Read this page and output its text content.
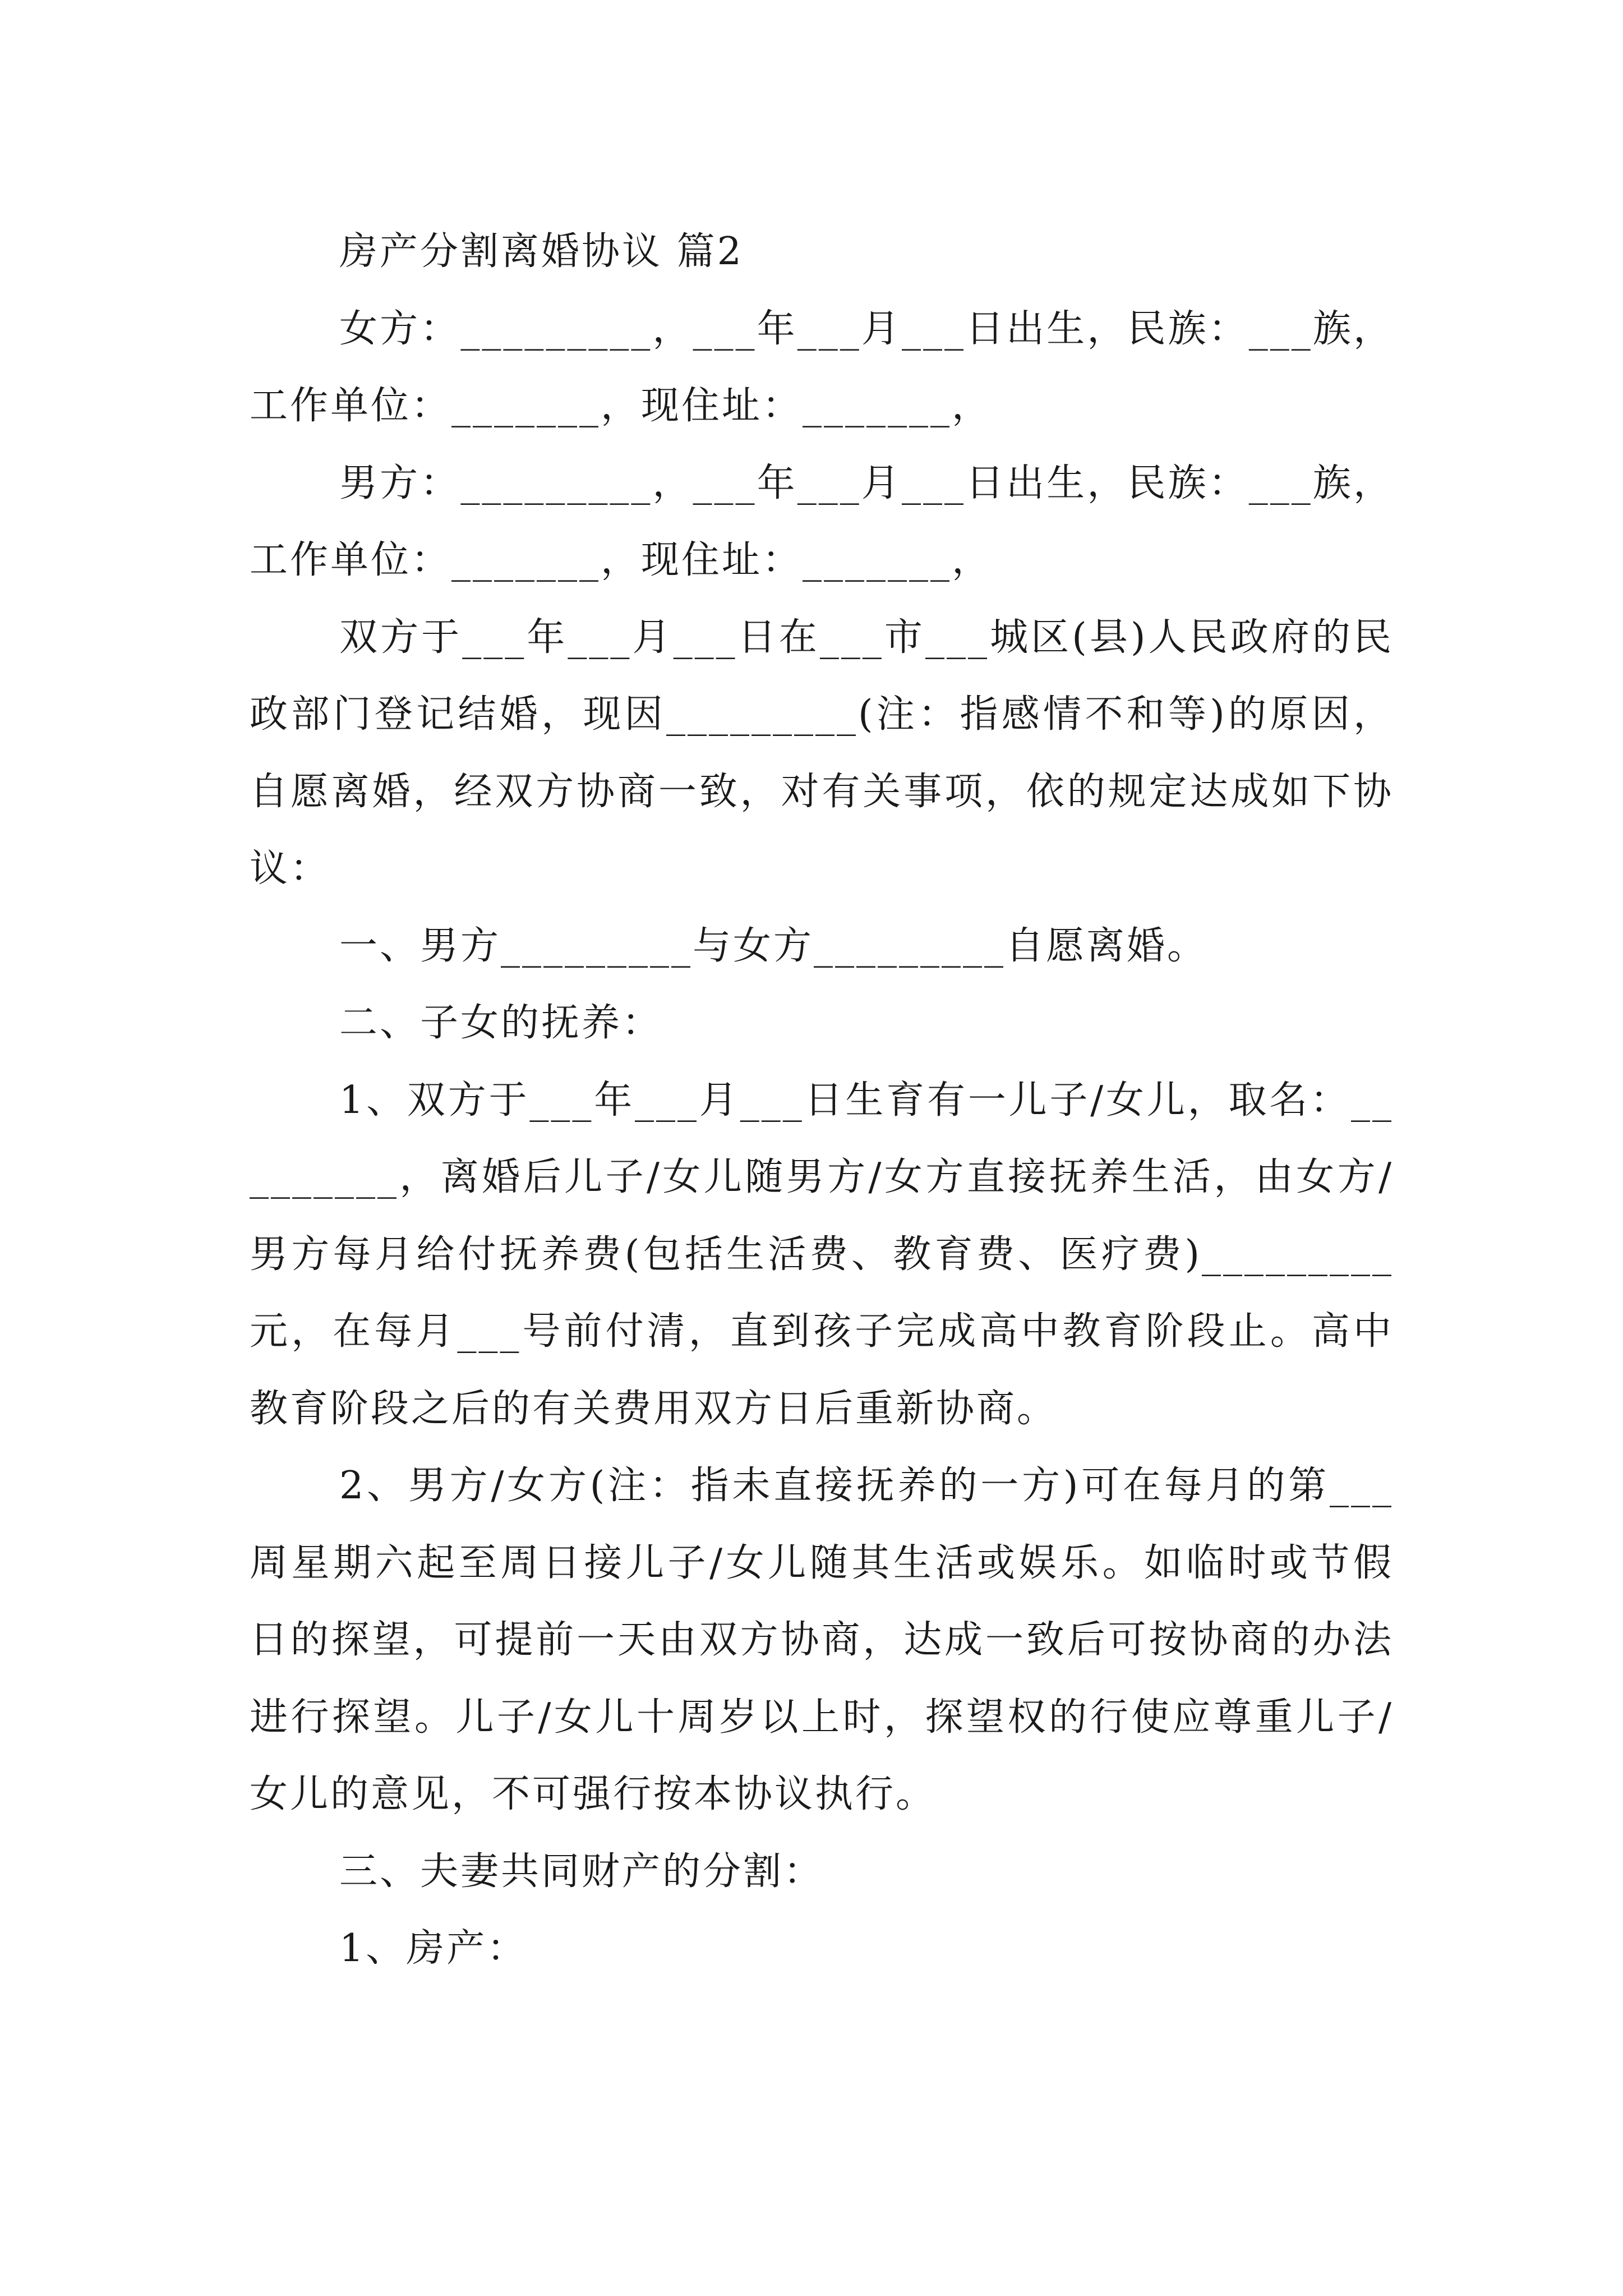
房产分割离婚协议 篇2

女方：_________，___年___月___日出生，民族：___族，工作单位：_______，现住址：_______，

男方：_________，___年___月___日出生，民族：___族，工作单位：_______，现住址：_______，

双方于___年___月___日在___市___城区(县)人民政府的民政部门登记结婚，现因_________(注：指感情不和等)的原因，自愿离婚，经双方协商一致，对有关事项，依的规定达成如下协议：

一、男方_________与女方_________自愿离婚。

二、子女的抚养：

1、双方于___年___月___日生育有一儿子/女儿，取名：_________，离婚后儿子/女儿随男方/女方直接抚养生活，由女方/男方每月给付抚养费(包括生活费、教育费、医疗费)_________元，在每月___号前付清，直到孩子完成高中教育阶段止。高中教育阶段之后的有关费用双方日后重新协商。

2、男方/女方(注：指未直接抚养的一方)可在每月的第___周星期六起至周日接儿子/女儿随其生活或娱乐。如临时或节假日的探望，可提前一天由双方协商，达成一致后可按协商的办法进行探望。儿子/女儿十周岁以上时，探望权的行使应尊重儿子/女儿的意见，不可强行按本协议执行。

三、夫妻共同财产的分割：

1、房产：
